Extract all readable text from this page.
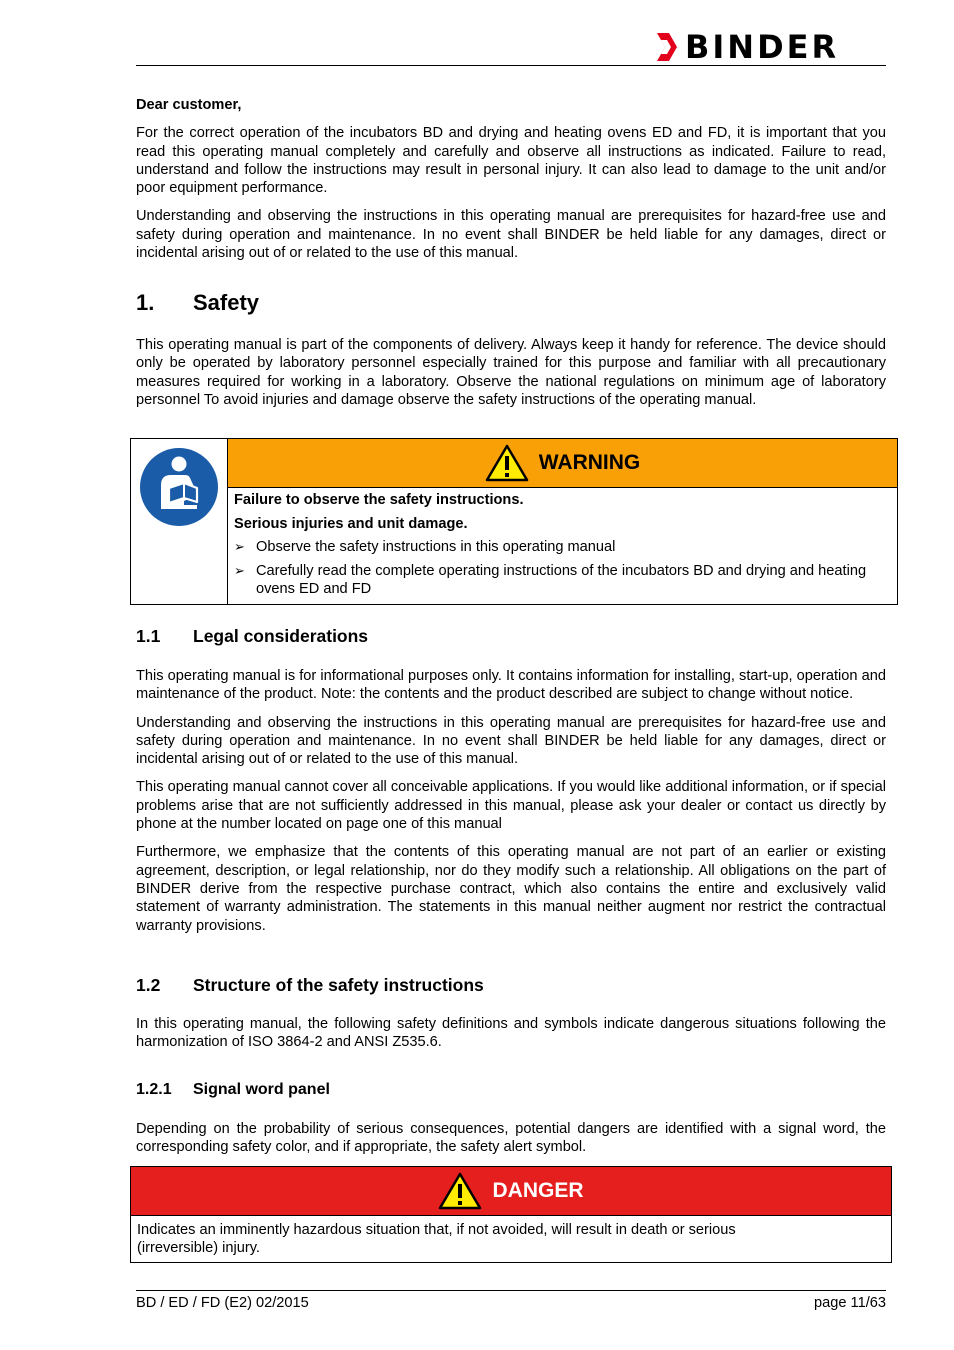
BINDER

Dear customer,

For the correct operation of the incubators BD and drying and heating ovens ED and FD, it is important that you read this operating manual completely and carefully and observe all instructions as indicated. Failure to read, understand and follow the instructions may result in personal injury. It can also lead to damage to the unit and/or poor equipment performance.

Understanding and observing the instructions in this operating manual are prerequisites for hazard-free use and safety during operation and maintenance. In no event shall BINDER be held liable for any damages, direct or incidental arising out of or related to the use of this manual.

1. Safety

This operating manual is part of the components of delivery. Always keep it handy for reference. The device should only be operated by laboratory personnel especially trained for this purpose and familiar with all precautionary measures required for working in a laboratory. Observe the national regulations on minimum age of laboratory personnel To avoid injuries and damage observe the safety instructions of the operating manual.

WARNING
Failure to observe the safety instructions.
Serious injuries and unit damage.
➢ Observe the safety instructions in this operating manual
➢ Carefully read the complete operating instructions of the incubators BD and drying and heating ovens ED and FD
1.1 Legal considerations

This operating manual is for informational purposes only. It contains information for installing, start-up, operation and maintenance of the product. Note: the contents and the product described are subject to change without notice.

Understanding and observing the instructions in this operating manual are prerequisites for hazard-free use and safety during operation and maintenance. In no event shall BINDER be held liable for any damages, direct or incidental arising out of or related to the use of this manual.

This operating manual cannot cover all conceivable applications. If you would like additional information, or if special problems arise that are not sufficiently addressed in this manual, please ask your dealer or contact us directly by phone at the number located on page one of this manual

Furthermore, we emphasize that the contents of this operating manual are not part of an earlier or existing agreement, description, or legal relationship, nor do they modify such a relationship. All obligations on the part of BINDER derive from the respective purchase contract, which also contains the entire and exclusively valid statement of warranty administration. The statements in this manual neither augment nor restrict the contractual warranty provisions.

1.2 Structure of the safety instructions

In this operating manual, the following safety definitions and symbols indicate dangerous situations following the harmonization of ISO 3864-2 and ANSI Z535.6.

1.2.1 Signal word panel

Depending on the probability of serious consequences, potential dangers are identified with a signal word, the corresponding safety color, and if appropriate, the safety alert symbol.

DANGER
Indicates an imminently hazardous situation that, if not avoided, will result in death or serious (irreversible) injury.
BD / ED / FD (E2) 02/2015	page 11/63
